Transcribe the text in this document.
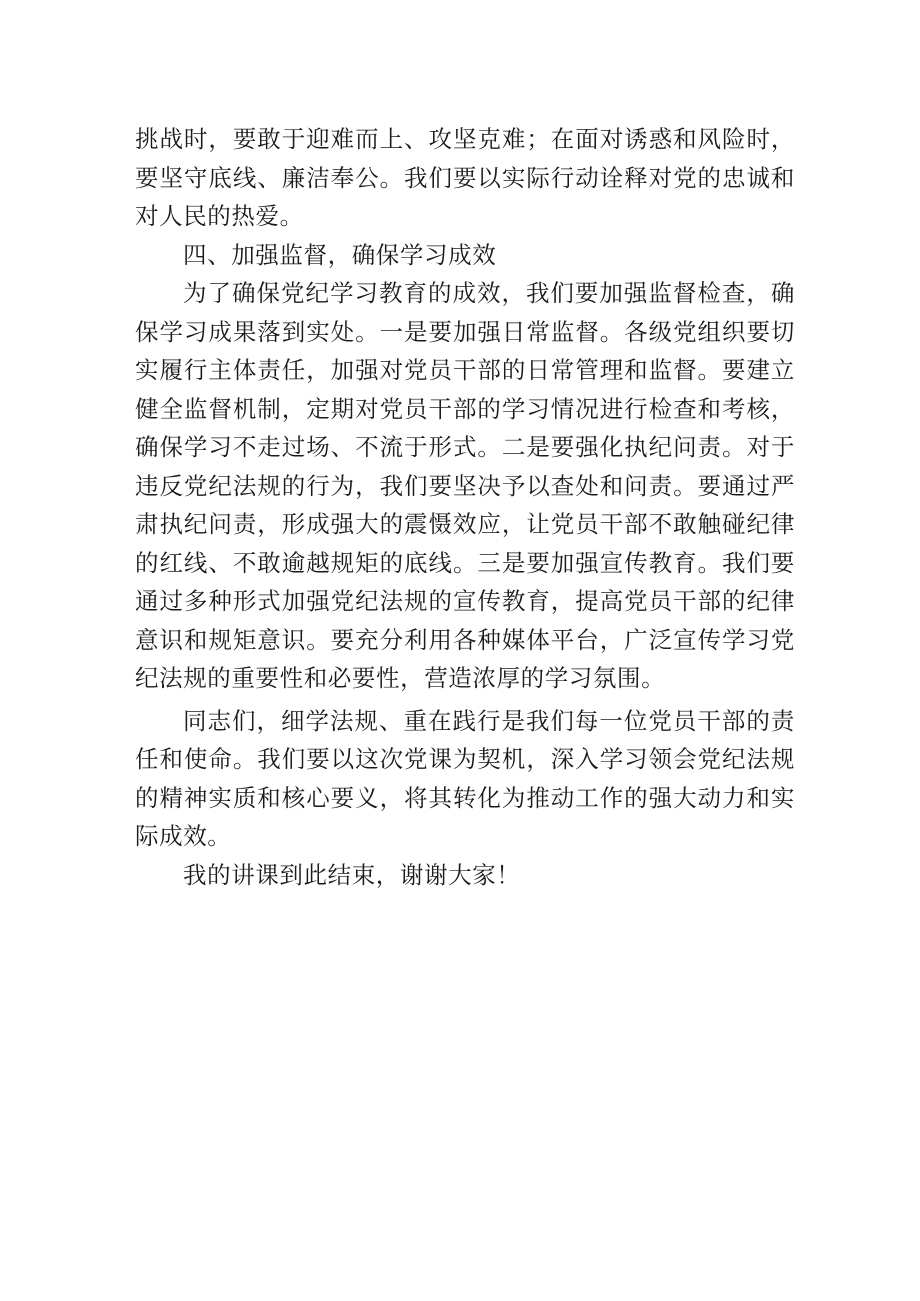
挑战时，要敢于迎难而上、攻坚克难；在面对诱惑和风险时，要坚守底线、廉洁奉公。我们要以实际行动诠释对党的忠诚和对人民的热爱。

四、加强监督，确保学习成效

为了确保党纪学习教育的成效，我们要加强监督检查，确保学习成果落到实处。一是要加强日常监督。各级党组织要切实履行主体责任，加强对党员干部的日常管理和监督。要建立健全监督机制，定期对党员干部的学习情况进行检查和考核，确保学习不走过场、不流于形式。二是要强化执纪问责。对于违反党纪法规的行为，我们要坚决予以查处和问责。要通过严肃执纪问责，形成强大的震慑效应，让党员干部不敢触碰纪律的红线、不敢逾越规矩的底线。三是要加强宣传教育。我们要通过多种形式加强党纪法规的宣传教育，提高党员干部的纪律意识和规矩意识。要充分利用各种媒体平台，广泛宣传学习党纪法规的重要性和必要性，营造浓厚的学习氛围。

同志们，细学法规、重在践行是我们每一位党员干部的责任和使命。我们要以这次党课为契机，深入学习领会党纪法规的精神实质和核心要义，将其转化为推动工作的强大动力和实际成效。

我的讲课到此结束，谢谢大家！
